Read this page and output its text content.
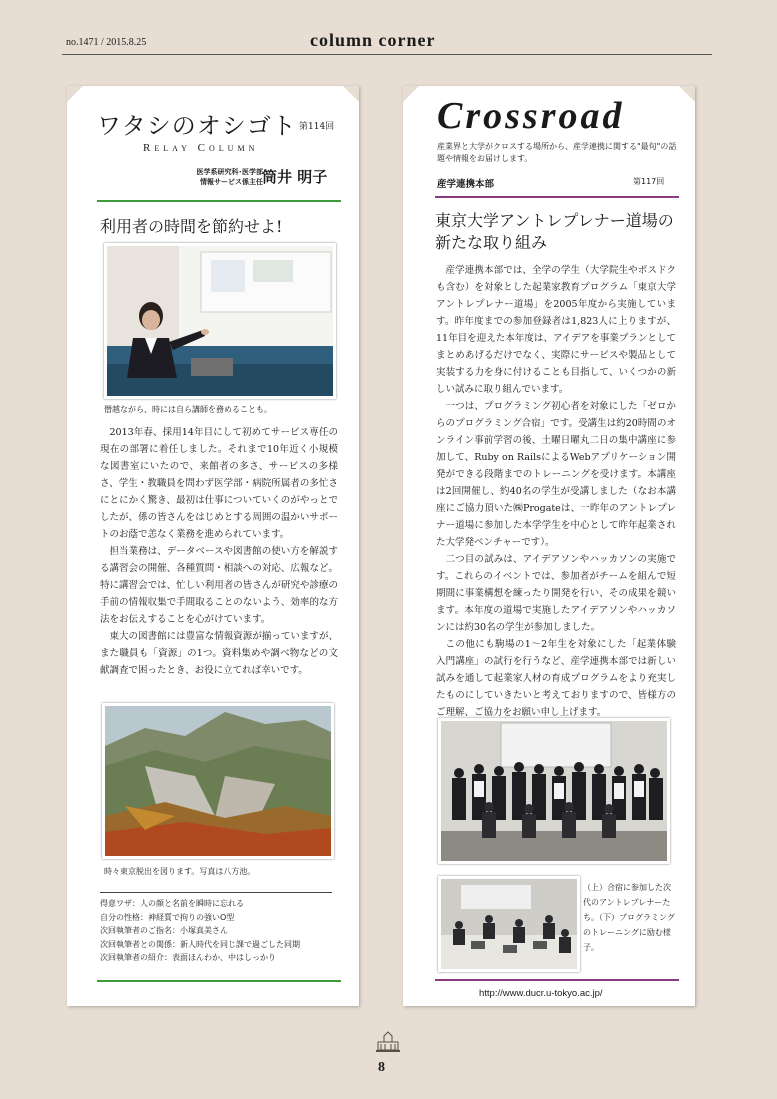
no.1471 / 2015.8.25	column corner
ワタシのオシゴト 第114回
Relay Column
医学系研究科･医学部
情報サービス係主任 筒井 明子
利用者の時間を節約せよ!
僭越ながら、時には自ら講師を務めることも。

2013年春、採用14年目にして初めてサービス専任の現在の部署に着任しました。それまで10年近く小規模な図書室にいたので、来館者の多さ、サービスの多様さ、学生・教職員を問わず医学部・病院所属者の多忙さにとにかく驚き、最初は仕事についていくのがやっとでしたが、係の皆さんをはじめとする周囲の温かいサポートのお蔭で恙なく業務を進められています。

担当業務は、データベースや図書館の使い方を解説する講習会の開催、各種質問・相談への対応、広報など。特に講習会では、忙しい利用者の皆さんが研究や診療の手前の情報収集で手間取ることのないよう、効率的な方法をお伝えすることを心がけています。

東大の図書館には豊富な情報資源が揃っていますが、また職員も「資源」の1つ。資料集めや調べ物などの文献調査で困ったとき、お役に立てれば幸いです。

時々東京脱出を図ります。写真は八方池。
得意ワザ：人の顔と名前を瞬時に忘れる
自分の性格：神経質で拘りの強いO型
次回執筆者のご指名：小塚真美さん
次回執筆者との関係：新人時代を同じ課で過ごした同期
次回執筆者の紹介：表面ほんわか、中はしっかり
Crossroad
産業界と大学がクロスする場所から、産学連携に関する"最旬"の話題や情報をお届けします。
産学連携本部	第117回
東京大学アントレプレナー道場の新たな取り組み

産学連携本部では、全学の学生（大学院生やポスドクも含む）を対象とした起業家教育プログラム「東京大学アントレプレナー道場」を2005年度から実施しています。昨年度までの参加登録者は1,823人に上りますが、11年目を迎えた本年度は、アイデアを事業プランとしてまとめあげるだけでなく、実際にサービスや製品として実装する力を身に付けることも目指して、いくつかの新しい試みに取り組んでいます。

一つは、プログラミング初心者を対象にした「ゼロからのプログラミング合宿」です。受講生は約20時間のオンライン事前学習の後、土曜日曜丸二日の集中講座に参加して、Ruby on RailsによるWebアプリケーション開発ができる段階までのトレーニングを受けます。本講座は2回開催し、約40名の学生が受講しました（なお本講座にご協力頂いた㈱Progateは、一昨年のアントレプレナー道場に参加した本学学生を中心として昨年起業された大学発ベンチャーです）。

二つ目の試みは、アイデアソンやハッカソンの実施です。これらのイベントでは、参加者がチームを組んで短期間に事業構想を練ったり開発を行い、その成果を競います。本年度の道場で実施したアイデアソンやハッカソンには約30名の学生が参加しました。

この他にも駒場の1～2年生を対象にした「起業体験入門講座」の試行を行うなど、産学連携本部では新しい試みを通して起業家人材の育成プログラムをより充実したものにしていきたいと考えておりますので、皆様方のご理解、ご協力をお願い申し上げます。

（上）合宿に参加した次代のアントレプレナーたち。（下）プログラミングのトレーニングに励む様子。
http://www.ducr.u-tokyo.ac.jp/
8
